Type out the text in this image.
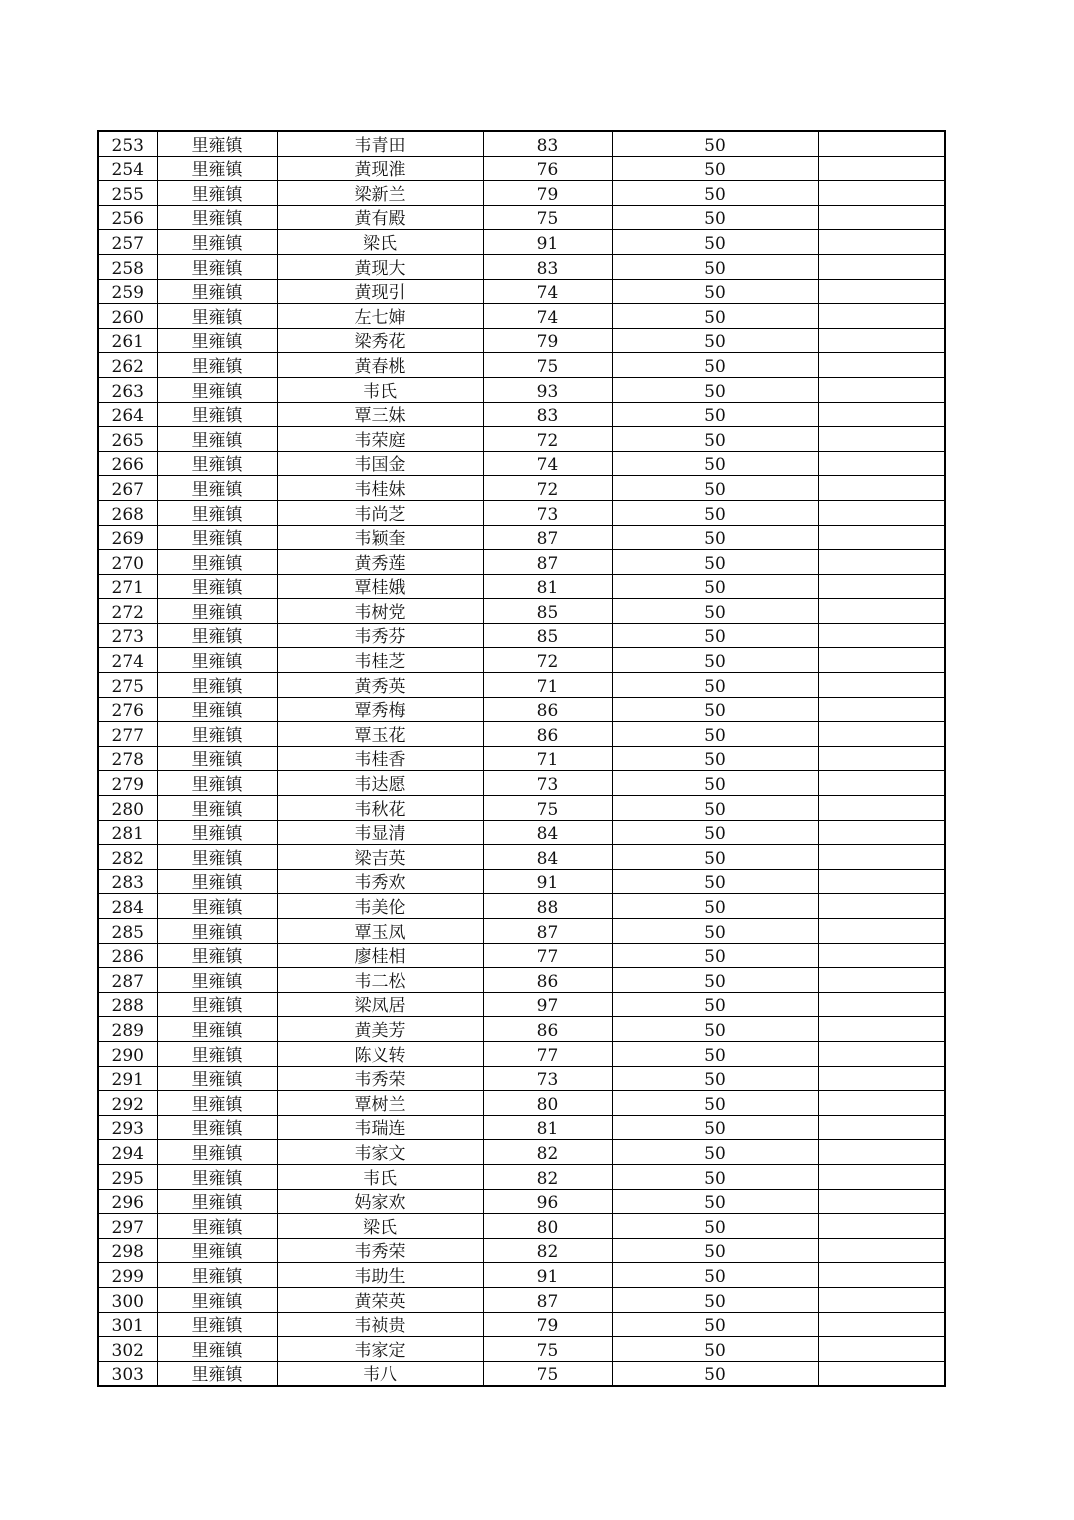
253	里雍镇	韦青田	83	50	
254	里雍镇	黄现淮	76	50	
255	里雍镇	梁新兰	79	50	
256	里雍镇	黄有殿	75	50	
257	里雍镇	梁氏	91	50	
258	里雍镇	黄现大	83	50	
259	里雍镇	黄现引	74	50	
260	里雍镇	左七婶	74	50	
261	里雍镇	梁秀花	79	50	
262	里雍镇	黄春桃	75	50	
263	里雍镇	韦氏	93	50	
264	里雍镇	覃三妹	83	50	
265	里雍镇	韦荣庭	72	50	
266	里雍镇	韦国金	74	50	
267	里雍镇	韦桂妹	72	50	
268	里雍镇	韦尚芝	73	50	
269	里雍镇	韦颖奎	87	50	
270	里雍镇	黄秀莲	87	50	
271	里雍镇	覃桂娥	81	50	
272	里雍镇	韦树党	85	50	
273	里雍镇	韦秀芬	85	50	
274	里雍镇	韦桂芝	72	50	
275	里雍镇	黄秀英	71	50	
276	里雍镇	覃秀梅	86	50	
277	里雍镇	覃玉花	86	50	
278	里雍镇	韦桂香	71	50	
279	里雍镇	韦达愿	73	50	
280	里雍镇	韦秋花	75	50	
281	里雍镇	韦显清	84	50	
282	里雍镇	梁吉英	84	50	
283	里雍镇	韦秀欢	91	50	
284	里雍镇	韦美伦	88	50	
285	里雍镇	覃玉凤	87	50	
286	里雍镇	廖桂相	77	50	
287	里雍镇	韦二松	86	50	
288	里雍镇	梁凤居	97	50	
289	里雍镇	黄美芳	86	50	
290	里雍镇	陈义转	77	50	
291	里雍镇	韦秀荣	73	50	
292	里雍镇	覃树兰	80	50	
293	里雍镇	韦瑞连	81	50	
294	里雍镇	韦家文	82	50	
295	里雍镇	韦氏	82	50	
296	里雍镇	妈家欢	96	50	
297	里雍镇	梁氏	80	50	
298	里雍镇	韦秀荣	82	50	
299	里雍镇	韦助生	91	50	
300	里雍镇	黄荣英	87	50	
301	里雍镇	韦祯贵	79	50	
302	里雍镇	韦家定	75	50	
303	里雍镇	韦八	75	50	
